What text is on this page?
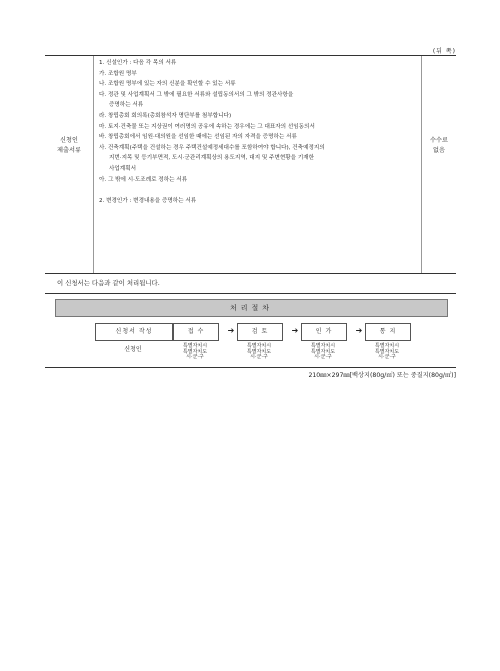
(뒤 쪽)
신청인
제출서류
1. 신설인가 : 다음 각 목의 서류
가. 조합원 명부
나. 조합원 명부에 있는 자의 신분을 확인할 수 있는 서류
다. 정관 및 사업계획서 그 밖에 필요한 서류와 설립동의서의 그 밖의 정관사항을
증명하는 서류
라. 창립총회 회의록(총회참석자 명단부를 첨부합니다)
마. 토지·건축물 또는 지상권이 여러명의 공유에 속하는 경우에는 그 대표자의 선임동의서
바. 창립총회에서 임원·대의원을 선임한 때에는 선임된 자의 자격을 증명하는 서류
사. 건축계획(주택을 건설하는 경우 주택건설예정세대수를 포함하여야 합니다), 건축예정지의
지번·지목 및 등기부면적, 도시·군관리계획상의 용도지역, 대지 및 주변현황을 기재한
사업계획서
아. 그 밖에 시·도조례로 정하는 서류
2. 변경인가 : 변경내용을 증명하는 서류
수수료
없음
이 신청서는 다음과 같이 처리됩니다.
처리절차
신청서 작성	접 수	➔	검 토	➔	인 가	➔	통 지
신청인	특별자치시
특별자치도
시·군·구
특별자치시
특별자치도
시·군·구
특별자치시
특별자치도
시·군·구
특별자치시
특별자치도
시·군·구
210㎜×297㎜[백상지(80g/㎡) 또는 중질지(80g/㎡)]
